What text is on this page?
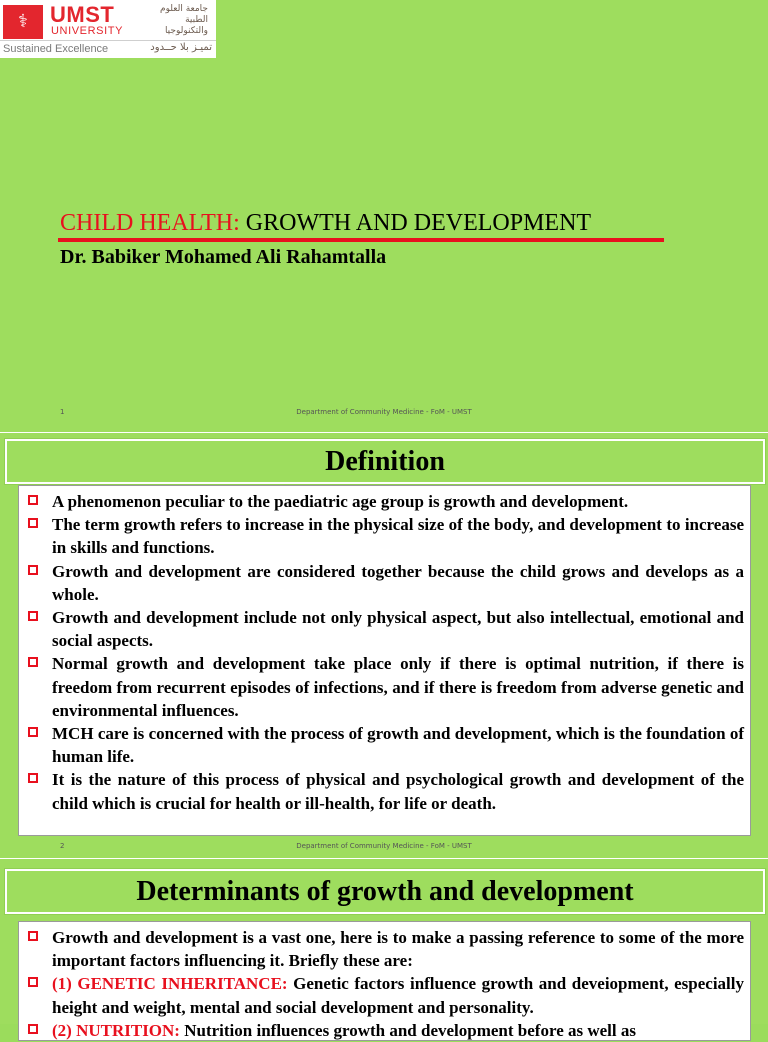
⚕	UMST
UNIVERSITY
جامعة العلوم الطبية والتكنولوجيا
Sustained Excellence	تميـز بلا حــدود
CHILD HEALTH: GROWTH AND DEVELOPMENT
Dr. Babiker Mohamed Ali Rahamtalla
1	Department of Community Medicine - FoM - UMST
Definition
A phenomenon peculiar to the paediatric age group is growth and development.
The term growth refers to increase in the physical size of the body, and development to increase in skills and functions.
Growth and development are considered together because the child grows and develops as a whole.
Growth and development include not only physical aspect, but also intellectual, emotional and social aspects.
Normal growth and development take place only if there is optimal nutrition, if there is freedom from recurrent episodes of infections, and if there is freedom from adverse genetic and environmental influences.
MCH care is concerned with the process of growth and development, which is the foundation of human life.
It is the nature of this process of physical and psychological growth and development of the child which is crucial for health or ill-health, for life or death.
2	Department of Community Medicine - FoM - UMST
Determinants of growth and development
Growth and development is a vast one, here is to make a passing reference to some of the more important factors influencing it. Briefly these are:
(1) GENETIC INHERITANCE: Genetic factors influence growth and deveiopment, especially height and weight, mental and social development and personality.
(2) NUTRITION: Nutrition influences growth and development before as well as
